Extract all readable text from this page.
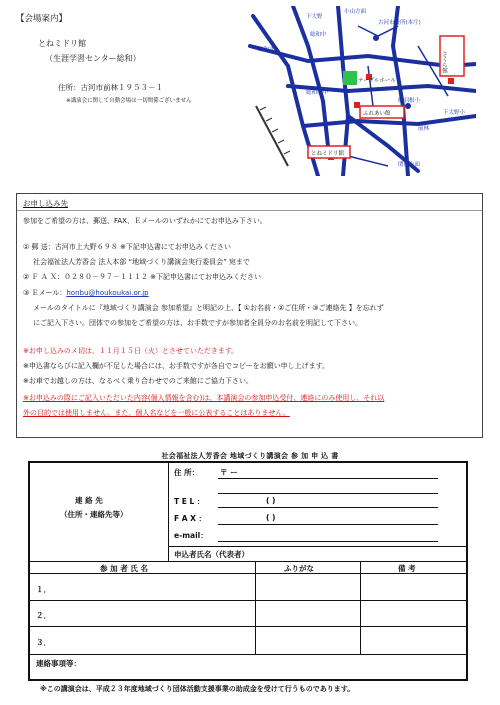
【会場案内】
とねミドリ館
（生涯学習センター総和）
住所：古河市前林１９５３－１
※講演会に関して自動会場は一切関係ございません
下大野
小山方面
古河市役所(本庁)
総和中
テーブルホール
下大野小
総和南中
前林
ふれあい館
とねミドリ館
さくら館
駒羽根小
関宿方面
総和北
お申し込み先
参加をご希望の方は、郵送、FAX、Ｅメールのいずれかにてお申込み下さい。
① 郵 送：古河市上大野６９８ ※下記申込書にてお申込みください
社会福祉法人芳香会 法人本部 “地域づくり講演会実行委員会” 宛まで
② Ｆ Ａ Ｘ：０２８０－９７－１１１２ ※下記申込書にてお申込みください
③ Ｅメール：honbu@houkoukai.or.jp
メールのタイトルに『地域づくり講演会 参加希望』と明記の上、【 ①お名前・②ご住所・③ご連絡先 】を忘れず
にご記入下さい。団体での参加をご希望の方は、お手数ですが参加者全員分のお名前を明記して下さい。
※お申し込みのメ切は、１１月１５日（火）とさせていただきます。
※申込書ならびに記入欄が不足した場合には、お手数ですが各自でコピーをお願い申し上げます。
※お車でお越しの方は、なるべく乗り合わせでのご来館にご協力下さい。
※お申込みの際にご記入いただいた内容(個人情報を含む)は、本講演会の参加申込受付、連絡にのみ使用し、それ以
外の目的では使用しません。また、個人名などを一般に公表することはありません。
社会福祉法人芳香会 地域づくり講演会 参 加 申 込 書
連 絡 先
（住所・連絡先等）
住 所：	〒 ー
T E L ：	( )
F A X ：	( )
e-mail：
申込者氏名（代表者）
参 加 者 氏 名	ふりがな	備 考
１．
２．
３．
連絡事項等：
※この講演会は、平成２３年度地域づくり団体活動支援事業の助成金を受けて行うものであります。
